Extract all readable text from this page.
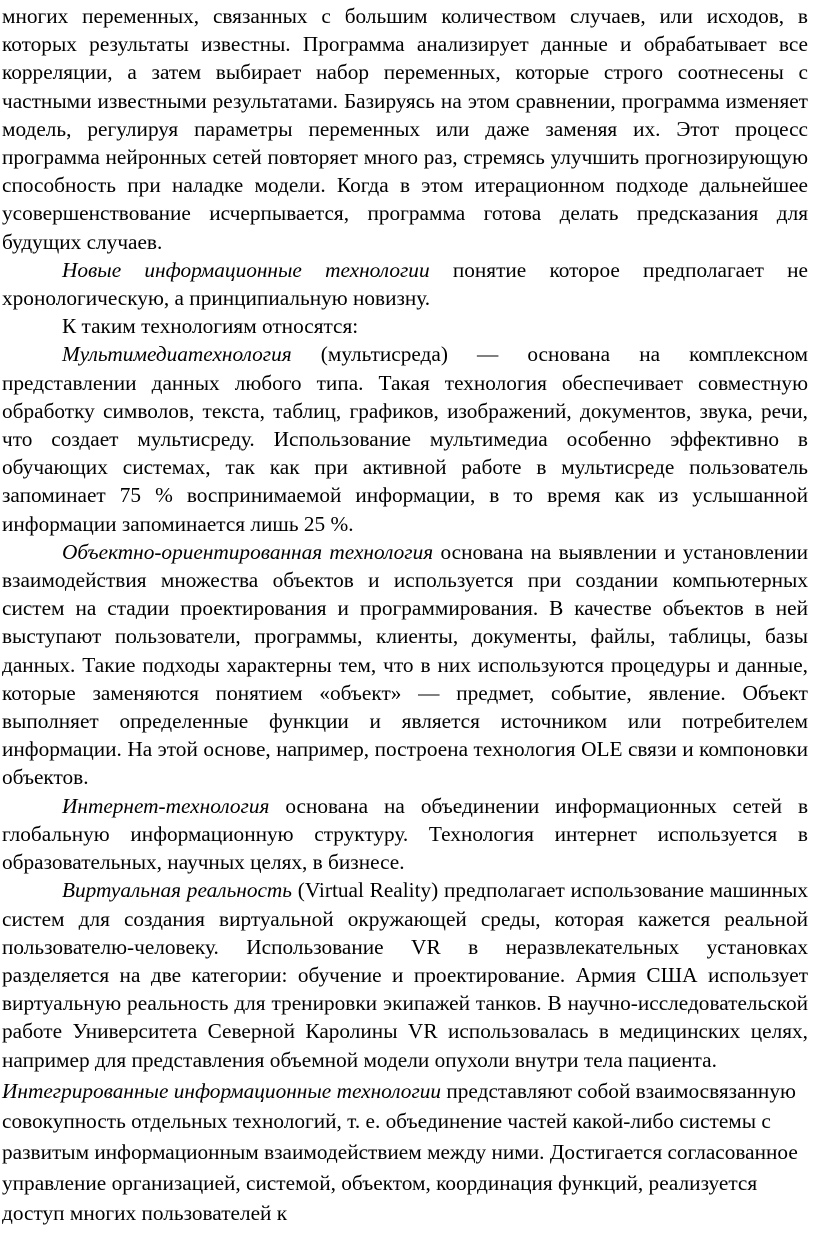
многих переменных, связанных с большим количеством случаев, или исходов, в которых результаты известны. Программа анализирует данные и обрабатывает все корреляции, а затем выбирает набор переменных, которые строго соотнесены с частными известными результатами. Базируясь на этом сравнении, программа изменяет модель, регулируя параметры переменных или даже заменяя их. Этот процесс программа нейронных сетей повторяет много раз, стремясь улучшить прогнозирующую способность при наладке модели. Когда в этом итерационном подходе дальнейшее усовершенствование исчерпывается, программа готова делать предсказания для будущих случаев.

Новые информационные технологии понятие которое предполагает не хронологическую, а принципиальную новизну.

К таким технологиям относятся:

Мультимедиатехнология (мультисреда) — основана на комплексном представлении данных любого типа. Такая технология обеспечивает совместную обработку символов, текста, таблиц, графиков, изображений, документов, звука, речи, что создает мультисреду. Использование мультимедиа особенно эффективно в обучающих системах, так как при активной работе в мультисреде пользователь запоминает 75 % воспринимаемой информации, в то время как из услышанной информации запоминается лишь 25 %.

Объектно-ориентированная технология основана на выявлении и установлении взаимодействия множества объектов и используется при создании компьютерных систем на стадии проектирования и программирования. В качестве объектов в ней выступают пользователи, программы, клиенты, документы, файлы, таблицы, базы данных. Такие подходы характерны тем, что в них используются процедуры и данные, которые заменяются понятием «объект» — предмет, событие, явление. Объект выполняет определенные функции и является источником или потребителем информации. На этой основе, например, построена технология OLE связи и компоновки объектов.

Интернет-технология основана на объединении информационных сетей в глобальную информационную структуру. Технология интернет используется в образовательных, научных целях, в бизнесе.

Виртуальная реальность (Virtual Reality) предполагает использование машинных систем для создания виртуальной окружающей среды, которая кажется реальной пользователю-человеку. Использование VR в неразвлекательных установках разделяется на две категории: обучение и проектирование. Армия США использует виртуальную реальность для тренировки экипажей танков. В научно-исследовательской работе Университета Северной Каролины VR использовалась в медицинских целях, например для представления объемной модели опухоли внутри тела пациента.

Интегрированные информационные технологии представляют собой взаимосвязанную совокупность отдельных технологий, т. е. объединение частей какой-либо системы с развитым информационным взаимодействием между ними. Достигается согласованное управление организацией, системой, объектом, координация функций, реализуется доступ многих пользователей к
